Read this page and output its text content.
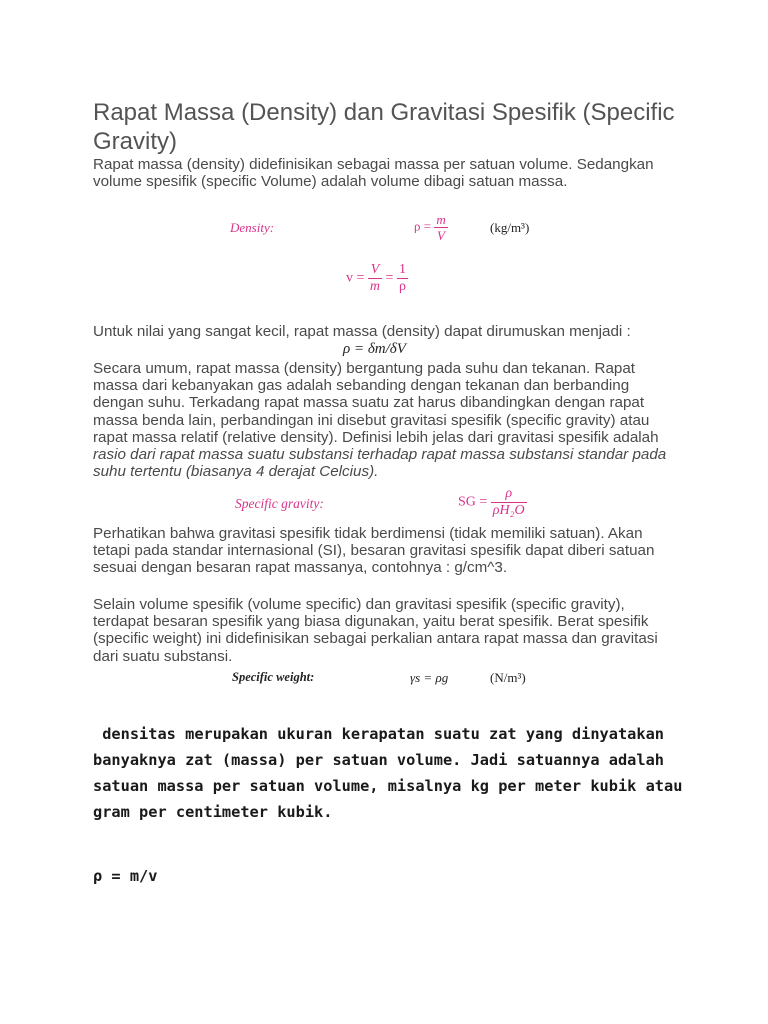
Rapat Massa (Density) dan Gravitasi Spesifik (Specific Gravity)

Rapat massa (density) didefinisikan sebagai massa per satuan volume. Sedangkan volume spesifik (specific Volume) adalah volume dibagi satuan massa.

Density:	$\rho = \frac{m}{V}$	(kg/m³)
$v = \frac{V}{m} = \frac{1}{\rho}$

Untuk nilai yang sangat kecil, rapat massa (density) dapat dirumuskan menjadi :

ρ = δm/δV

Secara umum, rapat massa (density) bergantung pada suhu dan tekanan. Rapat massa dari kebanyakan gas adalah sebanding dengan tekanan dan berbanding dengan suhu. Terkadang rapat massa suatu zat harus dibandingkan dengan rapat massa benda lain, perbandingan ini disebut gravitasi spesifik (specific gravity) atau rapat massa relatif (relative density). Definisi lebih jelas dari gravitasi spesifik adalah rasio dari rapat massa suatu substansi terhadap rapat massa substansi standar pada suhu tertentu (biasanya 4 derajat Celcius).

Specific gravity:	SG = $\frac{\rho}{\text{ρH₂O}}$

Perhatikan bahwa gravitasi spesifik tidak berdimensi (tidak memiliki satuan). Akan tetapi pada standar internasional (SI), besaran gravitasi spesifik dapat diberi satuan sesuai dengan besaran rapat massanya, contohnya : g/cm^3.

Selain volume spesifik (volume specific) dan gravitasi spesifik (specific gravity), terdapat besaran spesifik yang biasa digunakan, yaitu berat spesifik. Berat spesifik (specific weight) ini didefinisikan sebagai perkalian antara rapat massa dan gravitasi dari suatu substansi.

Specific weight:	γs = ρg	(N/m³)

densitas merupakan ukuran kerapatan suatu zat yang dinyatakan banyaknya zat (massa) per satuan volume. Jadi satuannya adalah satuan massa per satuan volume, misalnya kg per meter kubik atau gram per centimeter kubik.

ρ = m/v
